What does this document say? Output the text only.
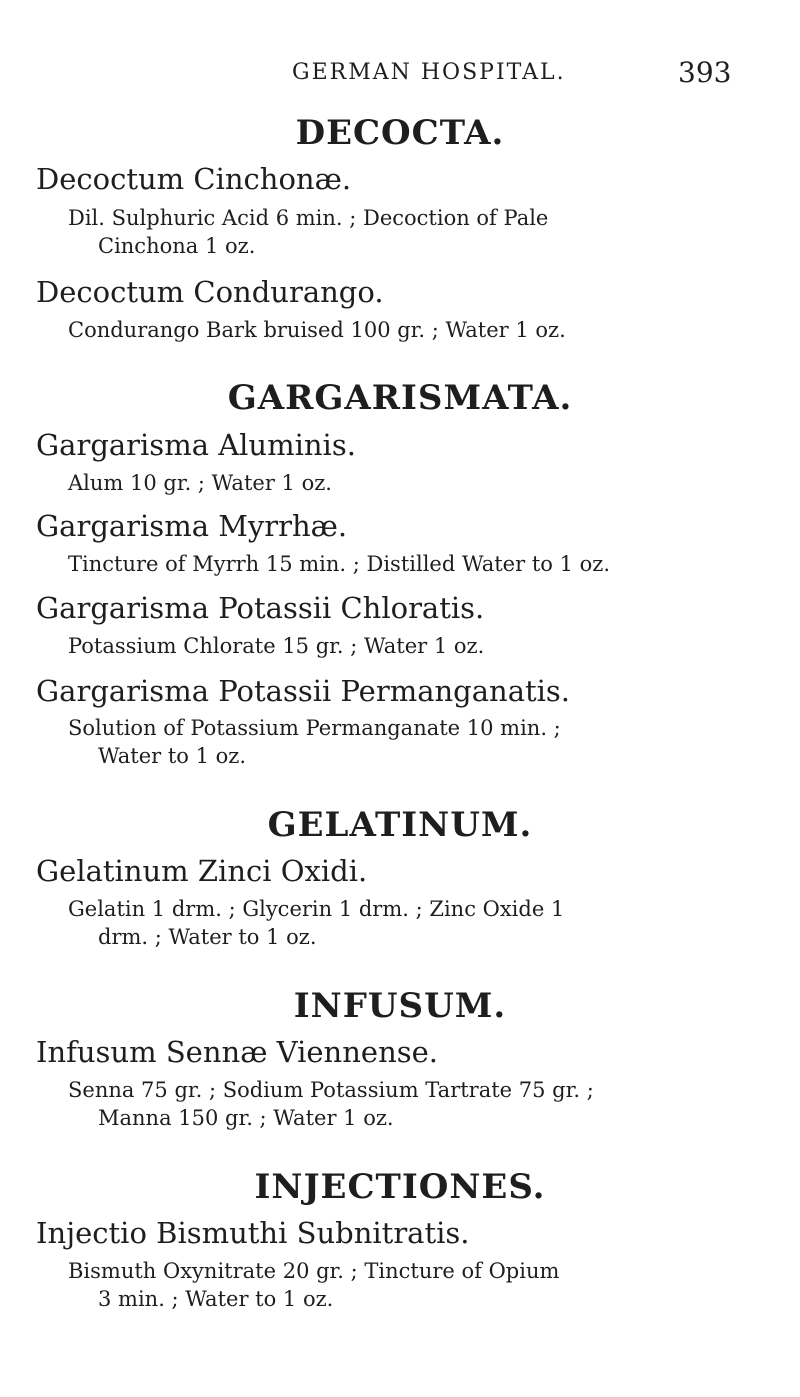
GERMAN HOSPITAL.	393
DECOCTA.
Decoctum Cinchonæ.
Dil. Sulphuric Acid 6 min. ; Decoction of Pale
Cinchona 1 oz.
Decoctum Condurango.
Condurango Bark bruised 100 gr. ; Water 1 oz.
GARGARISMATA.
Gargarisma Aluminis.
Alum 10 gr. ; Water 1 oz.
Gargarisma Myrrhæ.
Tincture of Myrrh 15 min. ; Distilled Water to 1 oz.
Gargarisma Potassii Chloratis.
Potassium Chlorate 15 gr. ; Water 1 oz.
Gargarisma Potassii Permanganatis.
Solution of Potassium Permanganate 10 min. ;
Water to 1 oz.
GELATINUM.
Gelatinum Zinci Oxidi.
Gelatin 1 drm. ; Glycerin 1 drm. ; Zinc Oxide 1
drm. ; Water to 1 oz.
INFUSUM.
Infusum Sennæ Viennense.
Senna 75 gr. ; Sodium Potassium Tartrate 75 gr. ;
Manna 150 gr. ; Water 1 oz.
INJECTIONES.
Injectio Bismuthi Subnitratis.
Bismuth Oxynitrate 20 gr. ; Tincture of Opium
3 min. ; Water to 1 oz.
